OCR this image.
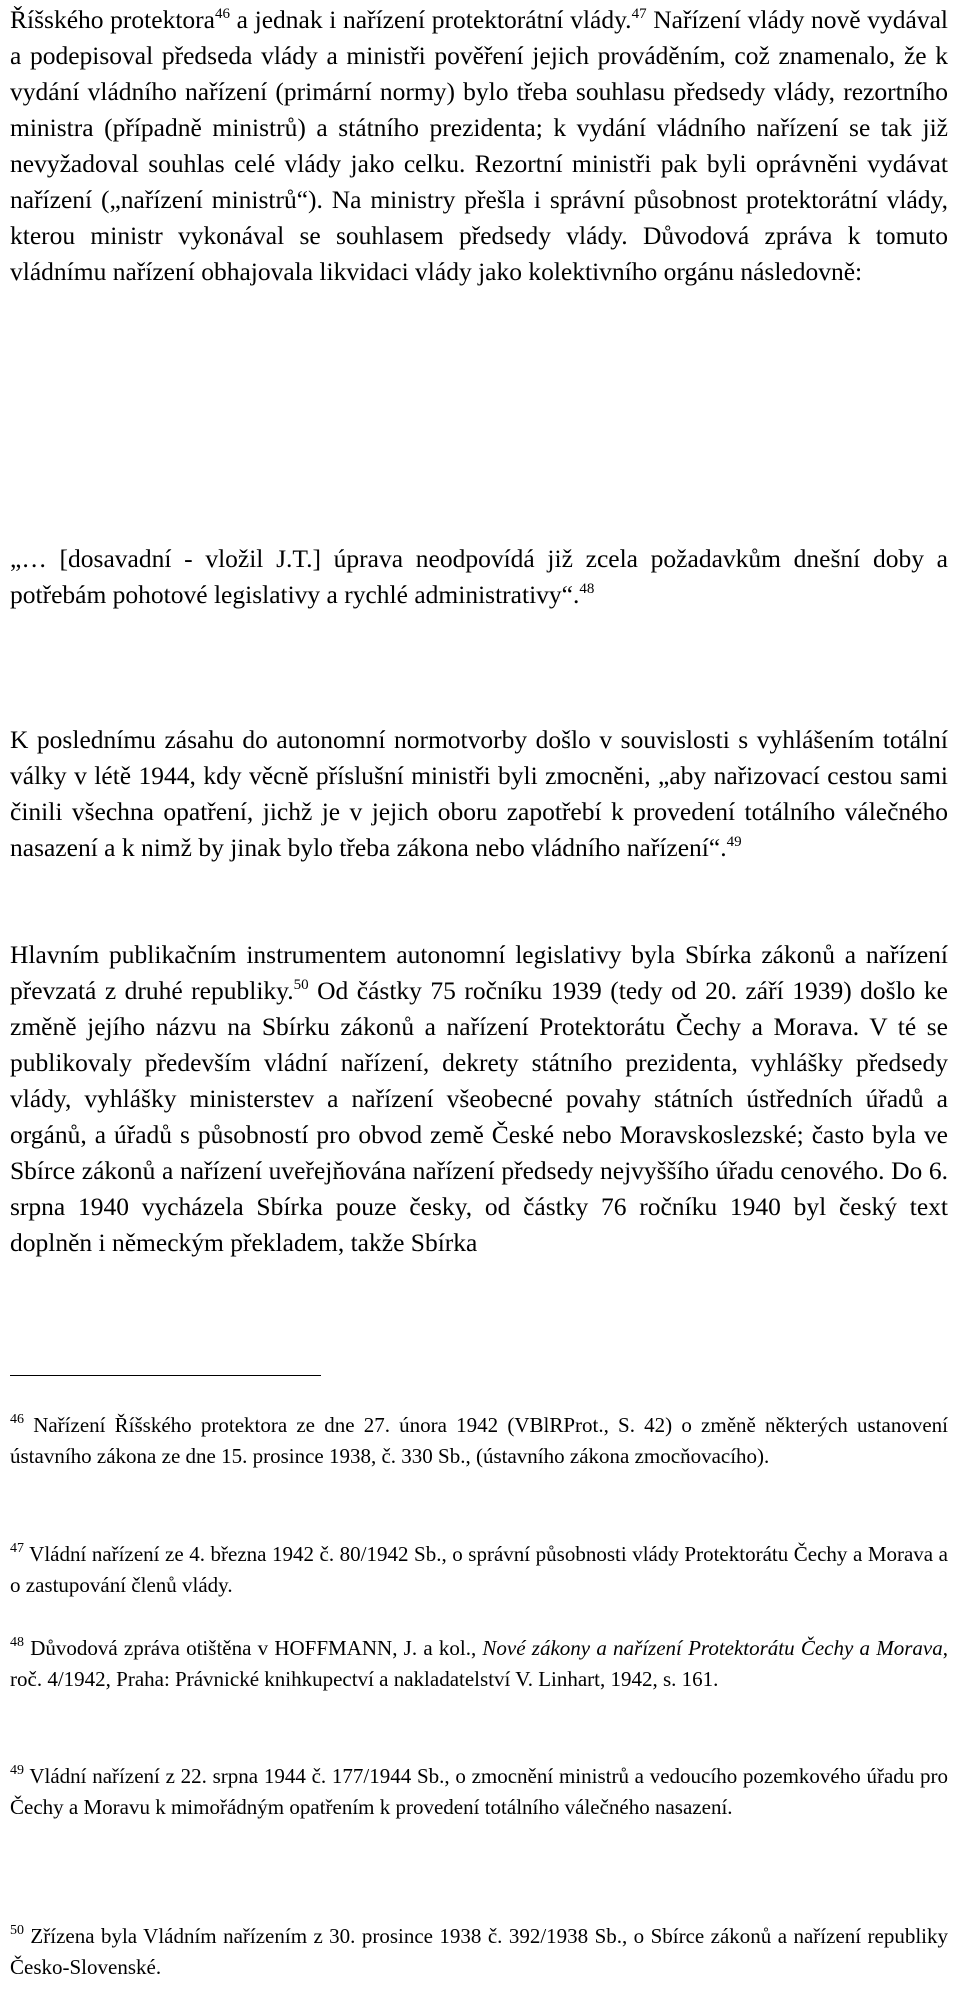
Říšského protektora$^{46}$ a jednak i nařízení protektorátní vlády.$^{47}$ Nařízení vlády nově vydával a podepisoval předseda vlády a ministři pověření jejich prováděním, což znamenalo, že k vydání vládního nařízení (primární normy) bylo třeba souhlasu předsedy vlády, rezortního ministra (případně ministrů) a státního prezidenta; k vydání vládního nařízení se tak již nevyžadoval souhlas celé vlády jako celku. Rezortní ministři pak byli oprávněni vydávat nařízení („nařízení ministrů“). Na ministry přešla i správní působnost protektorátní vlády, kterou ministr vykonával se souhlasem předsedy vlády. Důvodová zpráva k tomuto vládnímu nařízení obhajovala likvidaci vlády jako kolektivního orgánu následovně:

„… [dosavadní - vložil J.T.] úprava neodpovídá již zcela požadavkům dnešní doby a potřebám pohotové legislativy a rychlé administrativy“.$^{48}$

K poslednímu zásahu do autonomní normotvorby došlo v souvislosti s vyhlášením totální války v létě 1944, kdy věcně příslušní ministři byli zmocněni, „aby nařizovací cestou sami činili všechna opatření, jichž je v jejich oboru zapotřebí k provedení totálního válečného nasazení a k nimž by jinak bylo třeba zákona nebo vládního nařízení“.$^{49}$

Hlavním publikačním instrumentem autonomní legislativy byla Sbírka zákonů a nařízení převzatá z druhé republiky.$^{50}$ Od částky 75 ročníku 1939 (tedy od 20. září 1939) došlo ke změně jejího názvu na Sbírku zákonů a nařízení Protektorátu Čechy a Morava. V té se publikovaly především vládní nařízení, dekrety státního prezidenta, vyhlášky předsedy vlády, vyhlášky ministerstev a nařízení všeobecné povahy státních ústředních úřadů a orgánů, a úřadů s působností pro obvod země České nebo Moravskoslezské; často byla ve Sbírce zákonů a nařízení uveřejňována nařízení předsedy nejvyššího úřadu cenového. Do 6. srpna 1940 vycházela Sbírka pouze česky, od částky 76 ročníku 1940 byl český text doplněn i německým překladem, takže Sbírka

$^{46}$ Nařízení Říšského protektora ze dne 27. února 1942 (VBlRProt., S. 42) o změně některých ustanovení ústavního zákona ze dne 15. prosince 1938, č. 330 Sb., (ústavního zákona zmocňovacího).

$^{47}$ Vládní nařízení ze 4. března 1942 č. 80/1942 Sb., o správní působnosti vlády Protektorátu Čechy a Morava a o zastupování členů vlády.

$^{48}$ Důvodová zpráva otištěna v HOFFMANN, J. a kol., Nové zákony a nařízení Protektorátu Čechy a Morava, roč. 4/1942, Praha: Právnické knihkupectví a nakladatelství V. Linhart, 1942, s. 161.

$^{49}$ Vládní nařízení z 22. srpna 1944 č. 177/1944 Sb., o zmocnění ministrů a vedoucího pozemkového úřadu pro Čechy a Moravu k mimořádným opatřením k provedení totálního válečného nasazení.

$^{50}$ Zřízena byla Vládním nařízením z 30. prosince 1938 č. 392/1938 Sb., o Sbírce zákonů a nařízení republiky Česko-Slovenské.
